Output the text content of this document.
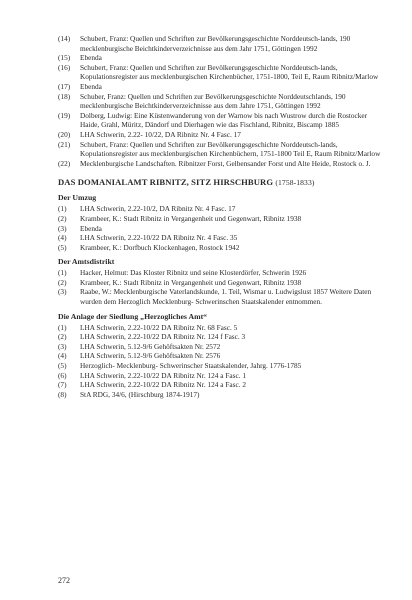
(14)	Schubert, Franz: Quellen und Schriften zur Bevölkerungsgeschichte Norddeutsch-lands, 190 mecklenburgische Beichtkinderverzeichnisse aus dem Jahr 1751, Göttingen 1992
(15)	Ebenda
(16)	Schubert, Franz: Quellen und Schriften zur Bevölkerungsgeschichte Norddeutsch-lands, Kopulationsregister aus mecklenburgischen Kirchenbücher, 1751-1800, Teil E, Raum Ribnitz/Marlow
(17)	Ebenda
(18)	Schuber, Franz: Quellen und Schriften zur Bevölkerungsgeschichte Norddeutschlands, 190 mecklenburgische Beichtkinderverzeichnisse aus dem Jahre 1751, Göttingen 1992
(19)	Dolberg, Ludwig: Eine Küstenwanderung von der Warnow bis nach Wustrow durch die Rostocker Haide, Grahl, Müritz, Dändorf und Dierhagen wie das Fischland, Ribnitz, Biscamp 1885
(20)	LHA Schwerin, 2.22- 10/22, DA Ribnitz Nr. 4 Fasc. 17
(21)	Schubert, Franz: Quellen und Schriften zur Bevölkerungsgeschichte Norddeutsch-lands, Kopulationsregister aus mecklenburgischen Kirchenbüchern, 1751-1800 Teil E, Raum Ribnitz/Marlow
(22)	Mecklenburgische Landschaften. Ribnitzer Forst, Gelbensander Forst und Alte Heide, Rostock o. J.
DAS DOMANIALAMT RIBNITZ, SITZ HIRSCHBURG (1758-1833)
Der Umzug
(1)	LHA Schwerin, 2.22-10/2, DA Ribnitz Nr. 4 Fasc. 17
(2)	Krambeer, K.: Stadt Ribnitz in Vergangenheit und Gegenwart, Ribnitz 1938
(3)	Ebenda
(4)	LHA Schwerin, 2.22-10/22 DA Ribnitz Nr. 4 Fasc. 35
(5)	Krambeer, K.: Dorfbuch Klockenhagen, Rostock 1942
Der Amtsdistrikt
(1)	Hacker, Helmut: Das Kloster Ribnitz und seine Klosterdörfer, Schwerin 1926
(2)	Krambeer, K.: Stadt Ribnitz in Vergangenheit und Gegenwart, Ribnitz 1938
(3)	Raabe, W.: Mecklenburgische Vaterlandskunde, 1. Teil, Wismar u. Ludwigslust 1857 Weitere Daten wurden dem Herzoglich Mecklenburg- Schwerinschen Staatskalender entnommen.
Die Anlage der Siedlung „Herzogliches Amt“
(1)	LHA Schwerin, 2.22-10/22 DA Ribnitz Nr. 68 Fasc. 5
(2)	LHA Schwerin, 2.22-10/22 DA Ribnitz Nr. 124 f Fasc. 3
(3)	LHA Schwerin, 5.12-9/6 Gehöftsakten Nr. 2572
(4)	LHA Schwerin, 5.12-9/6 Gehöftsakten Nr. 2576
(5)	Herzoglich- Mecklenburg- Schwerinscher Staatskalender, Jahrg. 1776-1785
(6)	LHA Schwerin, 2.22-10/22 DA Ribnitz Nr. 124 a Fasc. 1
(7)	LHA Schwerin, 2.22-10/22 DA Ribnitz Nr. 124 a Fasc. 2
(8)	StA RDG, 34/6, (Hirschburg 1874-1917)
272
